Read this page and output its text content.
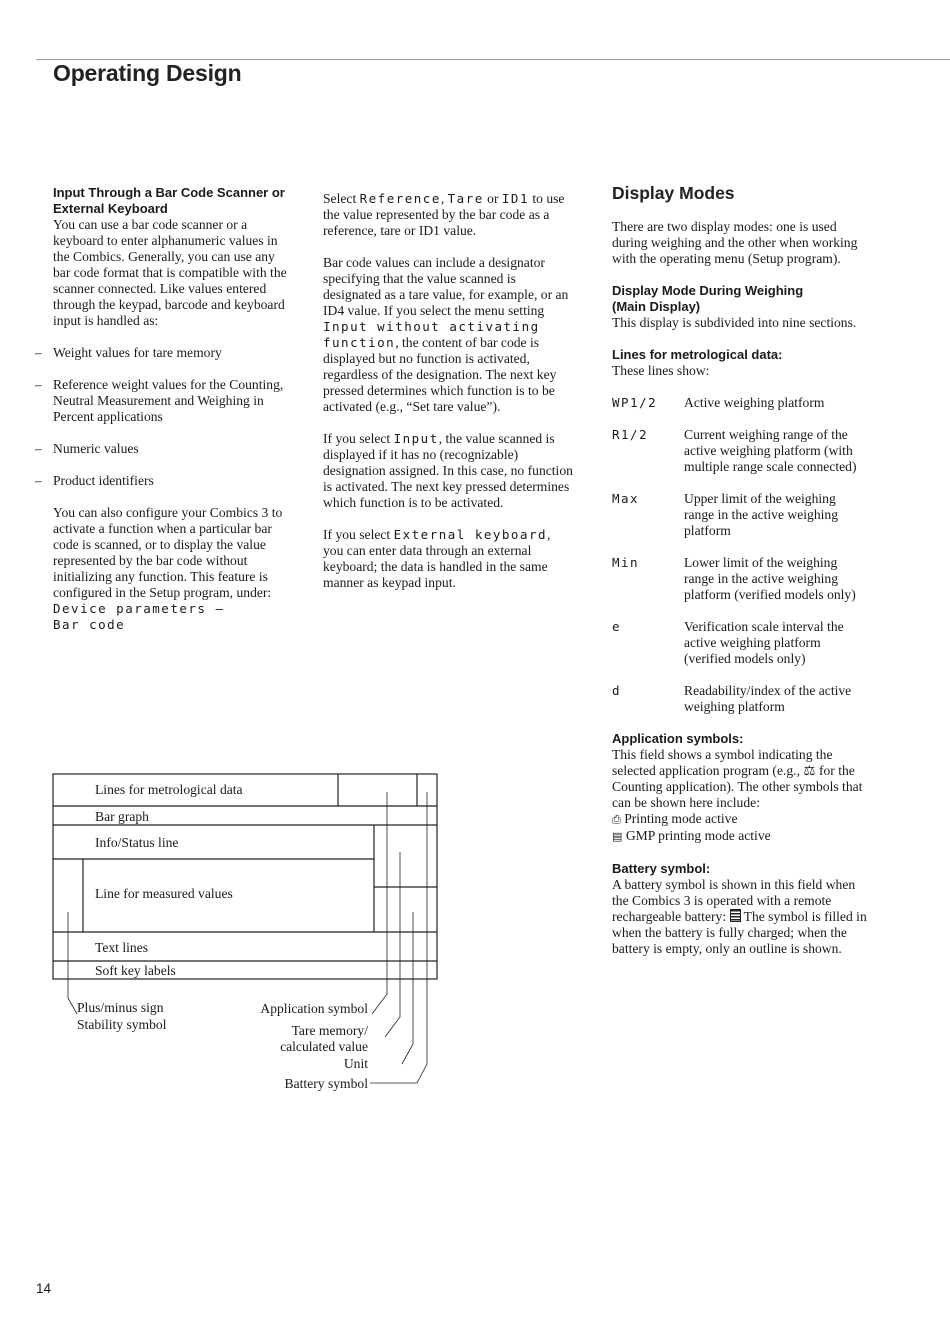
Operating Design
Input Through a Bar Code Scanner or External Keyboard

You can use a bar code scanner or a keyboard to enter alphanumeric values in the Combics. Generally, you can use any bar code format that is compatible with the scanner connected. Like values entered through the keypad, barcode and keyboard input is handled as:

– Weight values for tare memory
– Reference weight values for the Counting, Neutral Measurement and Weighing in Percent applications
– Numeric values
– Product identifiers
You can also configure your Combics 3 to activate a function when a particular bar code is scanned, or to display the value represented by the bar code without initializing any function. This feature is configured in the Setup program, under:
Device parameters –
Bar code

Select Reference, Tare or ID1 to use the value represented by the bar code as a reference, tare or ID1 value.

Bar code values can include a designator specifying that the value scanned is designated as a tare value, for example, or an ID4 value. If you select the menu setting Input without activating function, the content of bar code is displayed but no function is activated, regardless of the designation. The next key pressed determines which function is to be activated (e.g., “Set tare value”).

If you select Input, the value scanned is displayed if it has no (recognizable) designation assigned. In this case, no function is activated. The next key pressed determines which function is to be activated.

If you select External keyboard, you can enter data through an external keyboard; the data is handled in the same manner as keypad input.

Display Modes

There are two display modes: one is used during weighing and the other when working with the operating menu (Setup program).

Display Mode During Weighing
(Main Display)

This display is subdivided into nine sections.

Lines for metrological data:

These lines show:

WP1/2	Active weighing platform
R1/2	Current weighing range of the active weighing platform (with multiple range scale connected)
Max	Upper limit of the weighing range in the active weighing platform
Min	Lower limit of the weighing range in the active weighing platform (verified models only)
e	Verification scale interval the active weighing platform (verified models only)
d	Readability/index of the active weighing platform
Application symbols:
This field shows a symbol indicating the selected application program (e.g., ⚖ for the Counting application). The other symbols that can be shown here include:
⎙ Printing mode active
▤ GMP printing mode active
Battery symbol:
A battery symbol is shown in this field when the Combics 3 is operated with a remote rechargeable battery:  The symbol is filled in when the battery is fully charged; when the battery is empty, only an outline is shown.
Lines for metrological data
Bar graph
Info/Status line
Line for measured values
Text lines
Soft key labels
Plus/minus sign
Stability symbol
Application symbol
Tare memory/
calculated value
Unit
Battery symbol
14
